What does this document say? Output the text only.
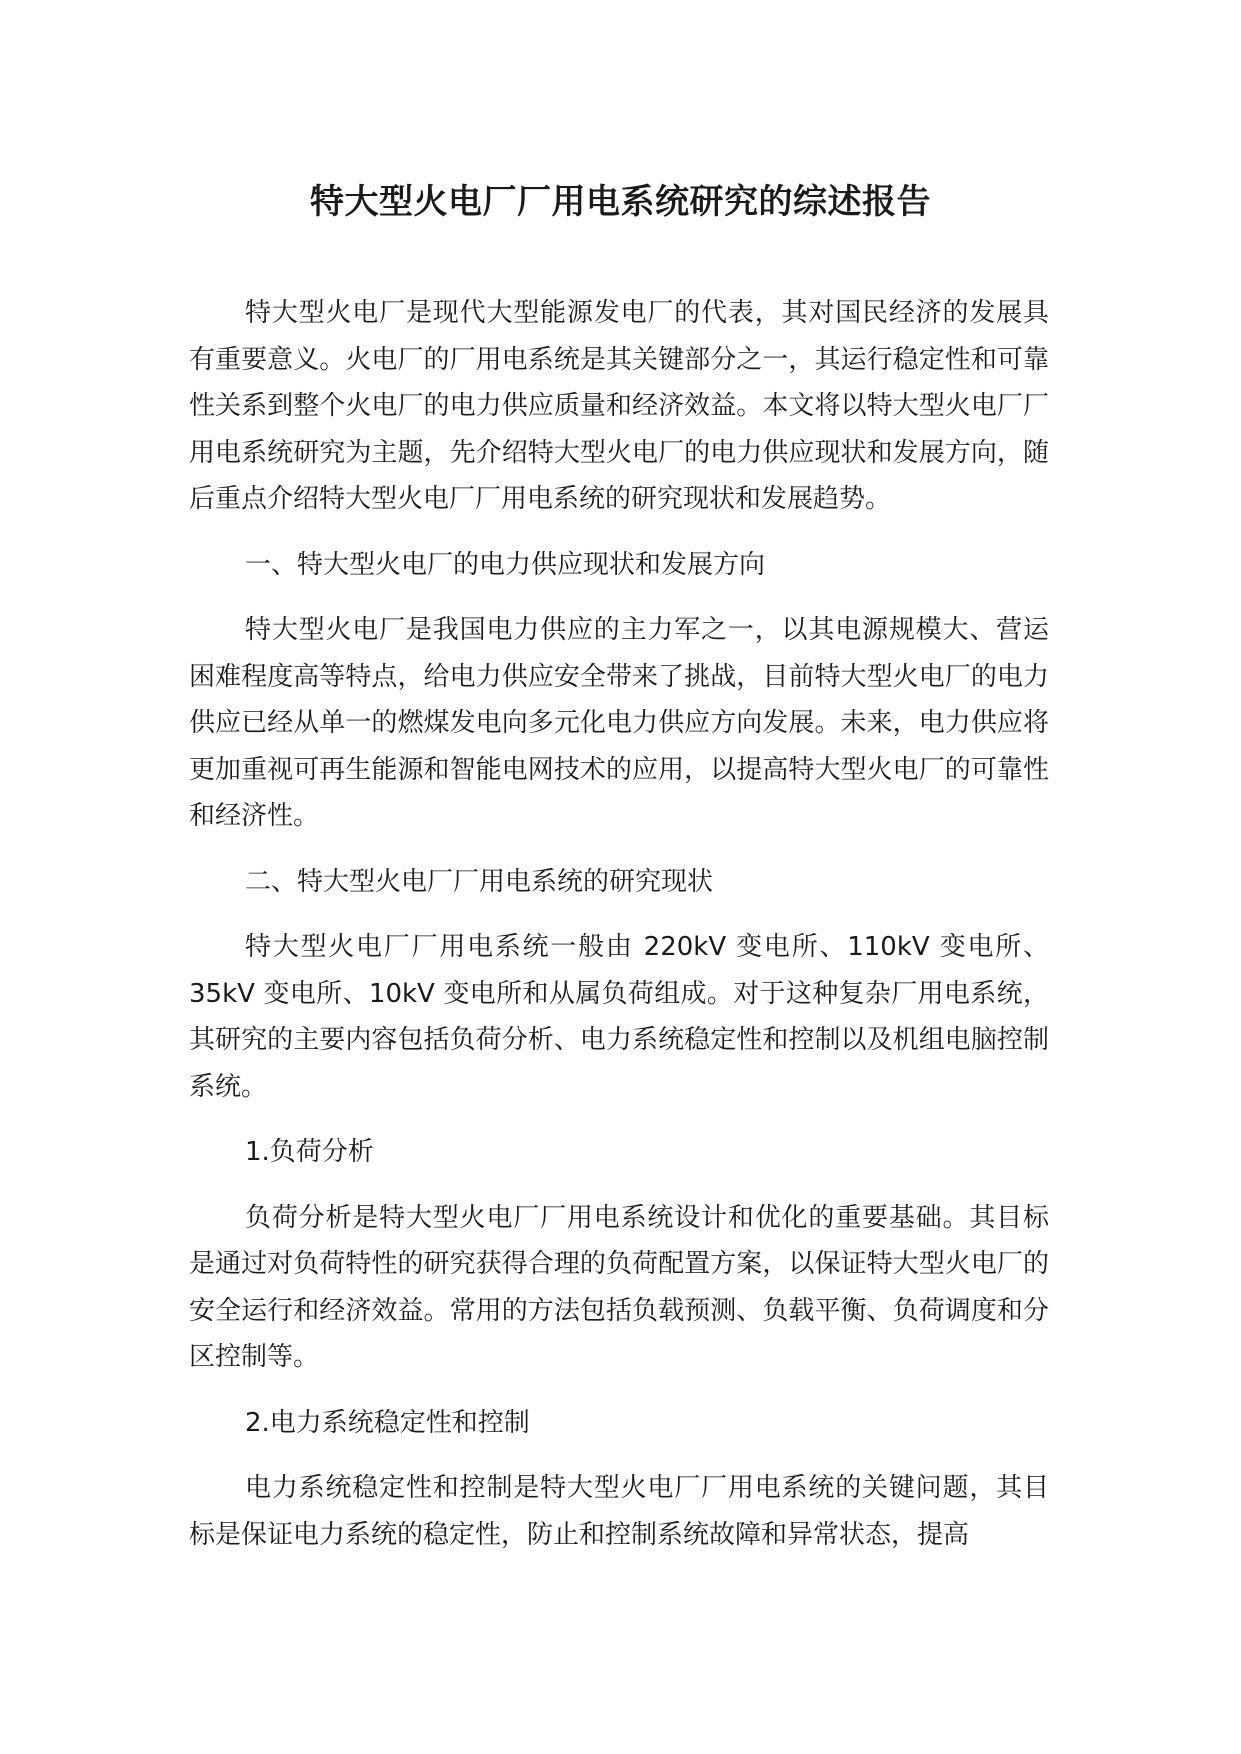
特大型火电厂厂用电系统研究的综述报告

特大型火电厂是现代大型能源发电厂的代表，其对国民经济的发展具有重要意义。火电厂的厂用电系统是其关键部分之一，其运行稳定性和可靠性关系到整个火电厂的电力供应质量和经济效益。本文将以特大型火电厂厂用电系统研究为主题，先介绍特大型火电厂的电力供应现状和发展方向，随后重点介绍特大型火电厂厂用电系统的研究现状和发展趋势。

一、特大型火电厂的电力供应现状和发展方向

特大型火电厂是我国电力供应的主力军之一，以其电源规模大、营运困难程度高等特点，给电力供应安全带来了挑战，目前特大型火电厂的电力供应已经从单一的燃煤发电向多元化电力供应方向发展。未来，电力供应将更加重视可再生能源和智能电网技术的应用，以提高特大型火电厂的可靠性和经济性。

二、特大型火电厂厂用电系统的研究现状

特大型火电厂厂用电系统一般由 220kV 变电所、110kV 变电所、35kV 变电所、10kV 变电所和从属负荷组成。对于这种复杂厂用电系统，其研究的主要内容包括负荷分析、电力系统稳定性和控制以及机组电脑控制系统。

1.负荷分析

负荷分析是特大型火电厂厂用电系统设计和优化的重要基础。其目标是通过对负荷特性的研究获得合理的负荷配置方案，以保证特大型火电厂的安全运行和经济效益。常用的方法包括负载预测、负载平衡、负荷调度和分区控制等。

2.电力系统稳定性和控制

电力系统稳定性和控制是特大型火电厂厂用电系统的关键问题，其目标是保证电力系统的稳定性，防止和控制系统故障和异常状态，提高
